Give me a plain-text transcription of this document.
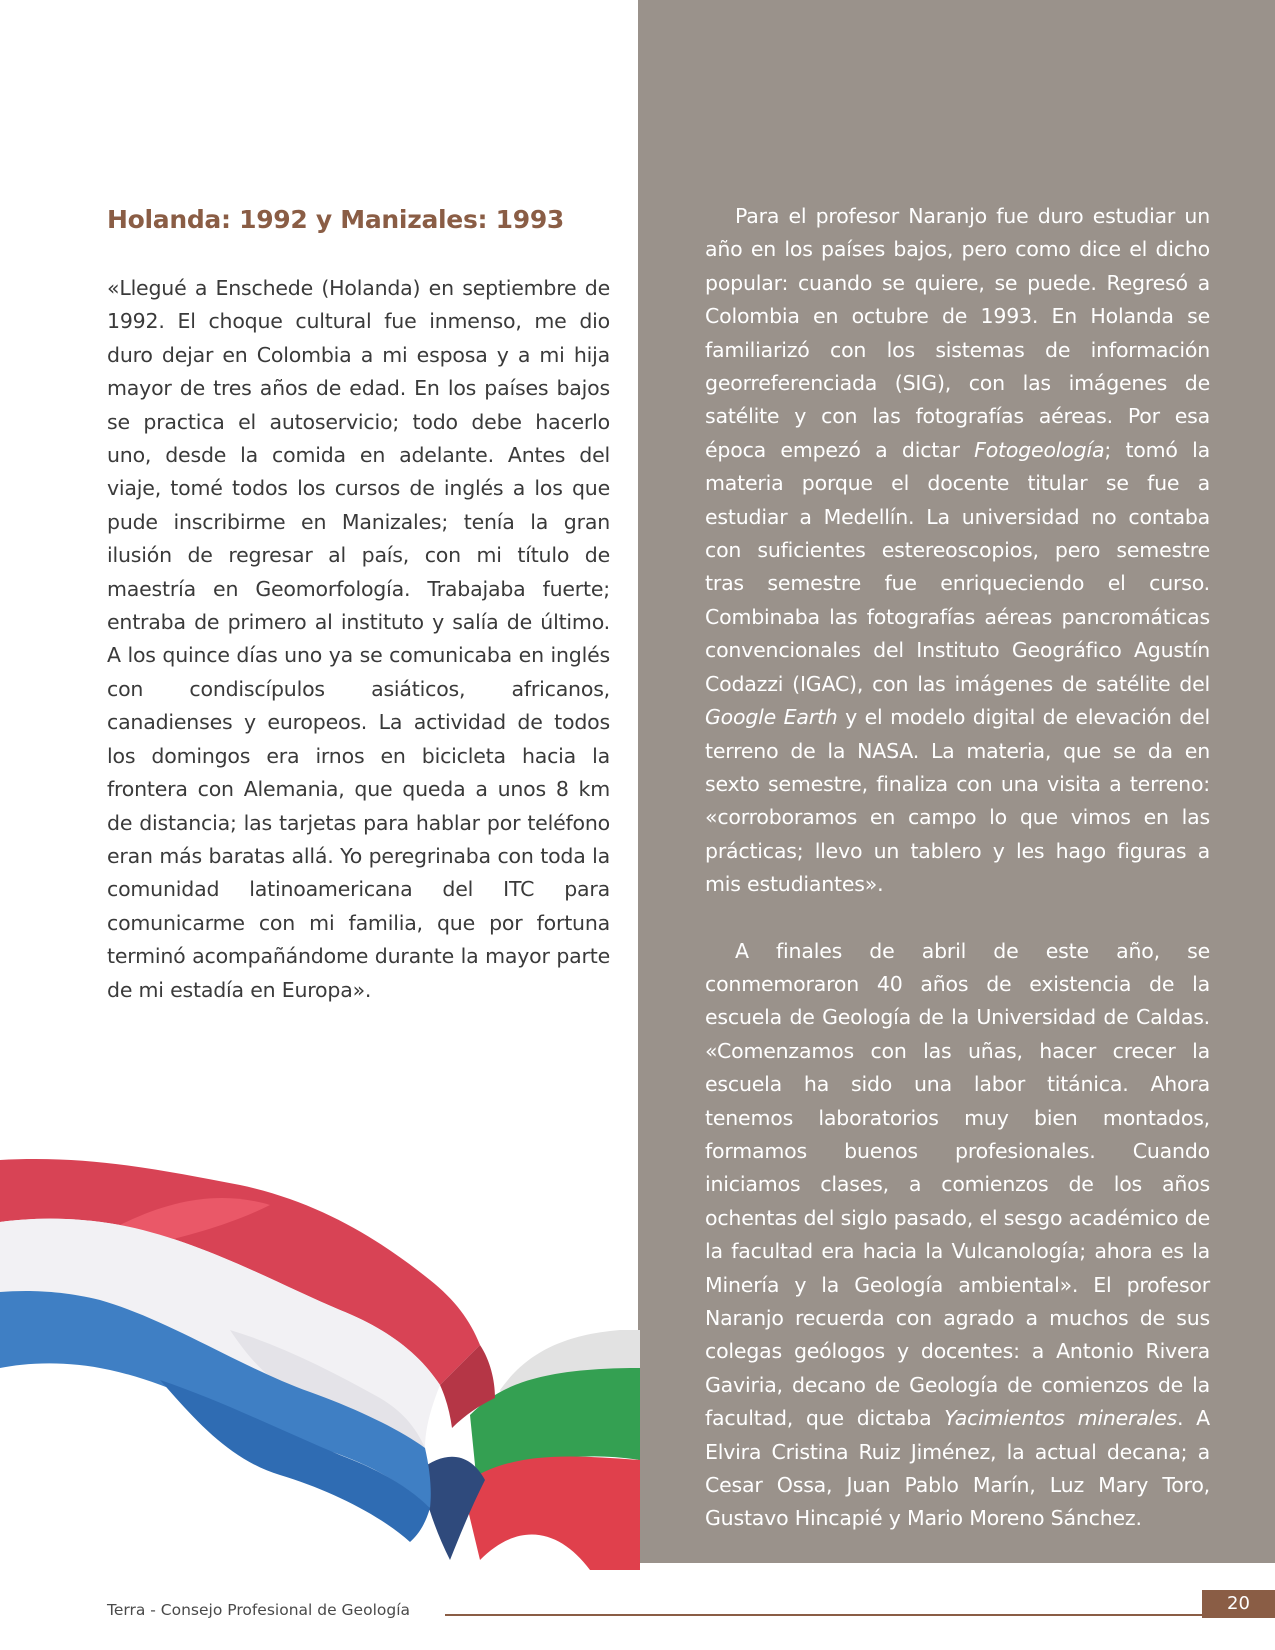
Holanda: 1992 y Manizales: 1993

«Llegué a Enschede (Holanda) en septiembre de 1992. El choque cultural fue inmenso, me dio duro dejar en Colombia a mi esposa y a mi hija mayor de tres años de edad. En los países bajos se practica el autoservicio; todo debe hacerlo uno, desde la comida en adelante. Antes del viaje, tomé todos los cursos de inglés a los que pude inscribirme en Manizales; tenía la gran ilusión de regresar al país, con mi título de maestría en Geomorfología. Trabajaba fuerte; entraba de primero al instituto y salía de último. A los quince días uno ya se comunicaba en inglés con condiscípulos asiáticos, africanos, canadienses y europeos. La actividad de todos los domingos era irnos en bicicleta hacia la frontera con Alemania, que queda a unos 8 km de distancia; las tarjetas para hablar por teléfono eran más baratas allá. Yo peregrinaba con toda la comunidad latinoamericana del ITC para comunicarme con mi familia, que por fortuna terminó acompañándome durante la mayor parte de mi estadía en Europa».

Para el profesor Naranjo fue duro estudiar un año en los países bajos, pero como dice el dicho popular: cuando se quiere, se puede. Regresó a Colombia en octubre de 1993. En Holanda se familiarizó con los sistemas de información georreferenciada (SIG), con las imágenes de satélite y con las fotografías aéreas. Por esa época empezó a dictar Fotogeología; tomó la materia porque el docente titular se fue a estudiar a Medellín. La universidad no contaba con suficientes estereoscopios, pero semestre tras semestre fue enriqueciendo el curso. Combinaba las fotografías aéreas pancromáticas convencionales del Instituto Geográfico Agustín Codazzi (IGAC), con las imágenes de satélite del Google Earth y el modelo digital de elevación del terreno de la NASA. La materia, que se da en sexto semestre, finaliza con una visita a terreno: «corroboramos en campo lo que vimos en las prácticas; llevo un tablero y les hago figuras a mis estudiantes».

A finales de abril de este año, se conmemoraron 40 años de existencia de la escuela de Geología de la Universidad de Caldas. «Comenzamos con las uñas, hacer crecer la escuela ha sido una labor titánica. Ahora tenemos laboratorios muy bien montados, formamos buenos profesionales. Cuando iniciamos clases, a comienzos de los años ochentas del siglo pasado, el sesgo académico de la facultad era hacia la Vulcanología; ahora es la Minería y la Geología ambiental». El profesor Naranjo recuerda con agrado a muchos de sus colegas geólogos y docentes: a Antonio Rivera Gaviria, decano de Geología de comienzos de la facultad, que dictaba Yacimientos minerales. A Elvira Cristina Ruiz Jiménez, la actual decana; a Cesar Ossa, Juan Pablo Marín, Luz Mary Toro, Gustavo Hincapié y Mario Moreno Sánchez.

Terra - Consejo Profesional de Geología	20
